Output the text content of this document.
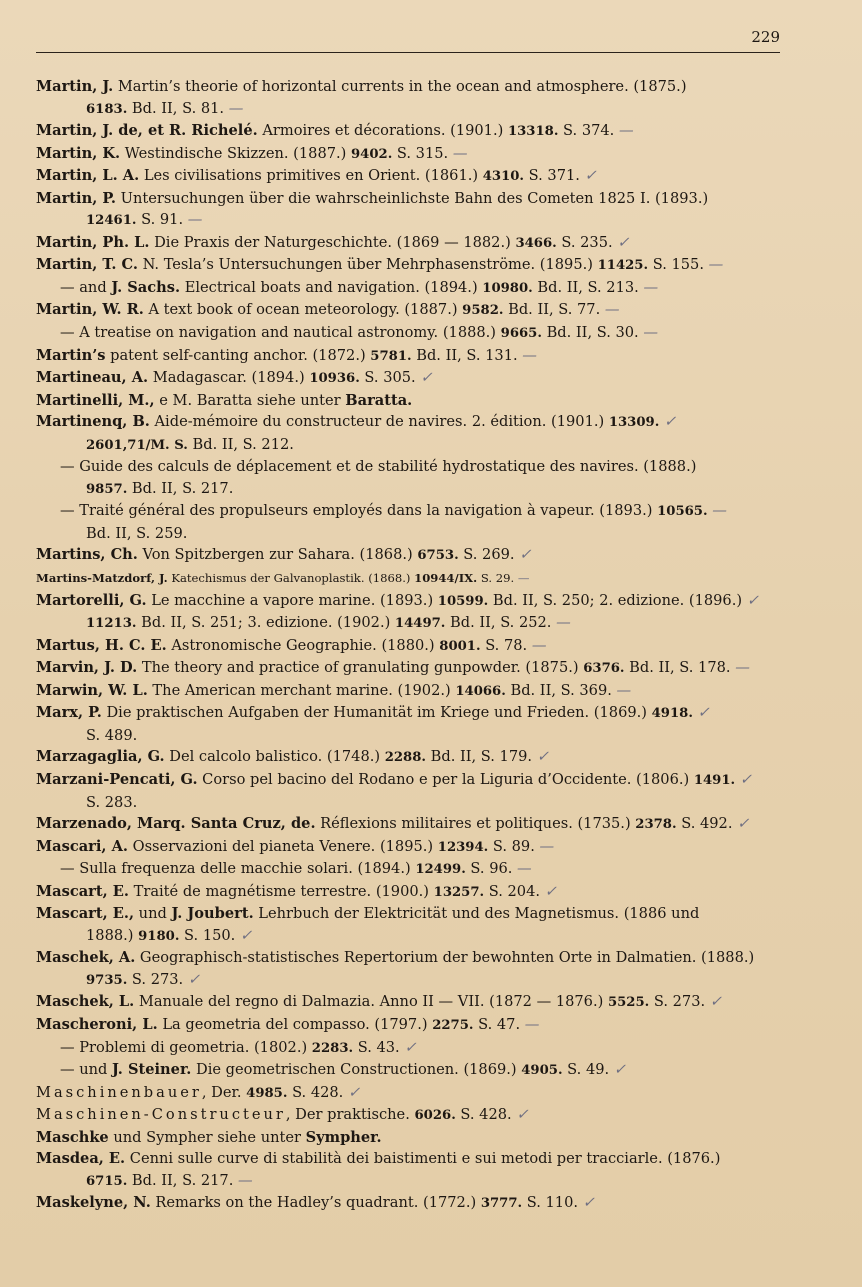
229
Martin, J. Martin’s theorie of horizontal currents in the ocean and atmosphere. (1875.)
6183. Bd. II, S. 81. —
Martin, J. de, et R. Richelé. Armoires et décorations. (1901.) 13318. S. 374. —
Martin, K. Westindische Skizzen. (1887.) 9402. S. 315. —
Martin, L. A. Les civilisations primitives en Orient. (1861.) 4310. S. 371. ✓
Martin, P. Untersuchungen über die wahrscheinlichste Bahn des Cometen 1825 I. (1893.)
12461. S. 91. —
Martin, Ph. L. Die Praxis der Naturgeschichte. (1869 — 1882.) 3466. S. 235. ✓
Martin, T. C. N. Tesla’s Untersuchungen über Mehrphasenströme. (1895.) 11425. S. 155. —
— and J. Sachs. Electrical boats and navigation. (1894.) 10980. Bd. II, S. 213. —
Martin, W. R. A text book of ocean meteorology. (1887.) 9582. Bd. II, S. 77. —
— A treatise on navigation and nautical astronomy. (1888.) 9665. Bd. II, S. 30. —
Martin’s patent self-canting anchor. (1872.) 5781. Bd. II, S. 131. —
Martineau, A. Madagascar. (1894.) 10936. S. 305. ✓
Martinelli, M., e M. Baratta siehe unter Baratta.
Martinenq, B. Aide-mémoire du constructeur de navires. 2. édition. (1901.) 13309. ✓
2601,71/M. S. Bd. II, S. 212.
— Guide des calculs de déplacement et de stabilité hydrostatique des navires. (1888.)
9857. Bd. II, S. 217.
— Traité général des propulseurs employés dans la navigation à vapeur. (1893.) 10565. —
Bd. II, S. 259.
Martins, Ch. Von Spitzbergen zur Sahara. (1868.) 6753. S. 269. ✓
Martins-Matzdorf, J. Katechismus der Galvanoplastik. (1868.) 10944/IX. S. 29. —
Martorelli, G. Le macchine a vapore marine. (1893.) 10599. Bd. II, S. 250; 2. edizione. (1896.) ✓
11213. Bd. II, S. 251; 3. edizione. (1902.) 14497. Bd. II, S. 252. —
Martus, H. C. E. Astronomische Geographie. (1880.) 8001. S. 78. —
Marvin, J. D. The theory and practice of granulating gunpowder. (1875.) 6376. Bd. II, S. 178. —
Marwin, W. L. The American merchant marine. (1902.) 14066. Bd. II, S. 369. —
Marx, P. Die praktischen Aufgaben der Humanität im Kriege und Frieden. (1869.) 4918. ✓
S. 489.
Marzagaglia, G. Del calcolo balistico. (1748.) 2288. Bd. II, S. 179. ✓
Marzani-Pencati, G. Corso pel bacino del Rodano e per la Liguria d’Occidente. (1806.) 1491. ✓
S. 283.
Marzenado, Marq. Santa Cruz, de. Réflexions militaires et politiques. (1735.) 2378. S. 492. ✓
Mascari, A. Osservazioni del pianeta Venere. (1895.) 12394. S. 89. —
— Sulla frequenza delle macchie solari. (1894.) 12499. S. 96. —
Mascart, E. Traité de magnétisme terrestre. (1900.) 13257. S. 204. ✓
Mascart, E., und J. Joubert. Lehrbuch der Elektricität und des Magnetismus. (1886 und
1888.) 9180. S. 150. ✓
Maschek, A. Geographisch-statistisches Repertorium der bewohnten Orte in Dalmatien. (1888.)
9735. S. 273. ✓
Maschek, L. Manuale del regno di Dalmazia. Anno II — VII. (1872 — 1876.) 5525. S. 273. ✓
Mascheroni, L. La geometria del compasso. (1797.) 2275. S. 47. —
— Problemi di geometria. (1802.) 2283. S. 43. ✓
— und J. Steiner. Die geometrischen Constructionen. (1869.) 4905. S. 49. ✓
Maschinenbauer, Der. 4985. S. 428. ✓
Maschinen-Constructeur, Der praktische. 6026. S. 428. ✓
Maschke und Sympher siehe unter Sympher.
Masdea, E. Cenni sulle curve di stabilità dei baistimenti e sui metodi per tracciarle. (1876.)
6715. Bd. II, S. 217. —
Maskelyne, N. Remarks on the Hadley’s quadrant. (1772.) 3777. S. 110. ✓
